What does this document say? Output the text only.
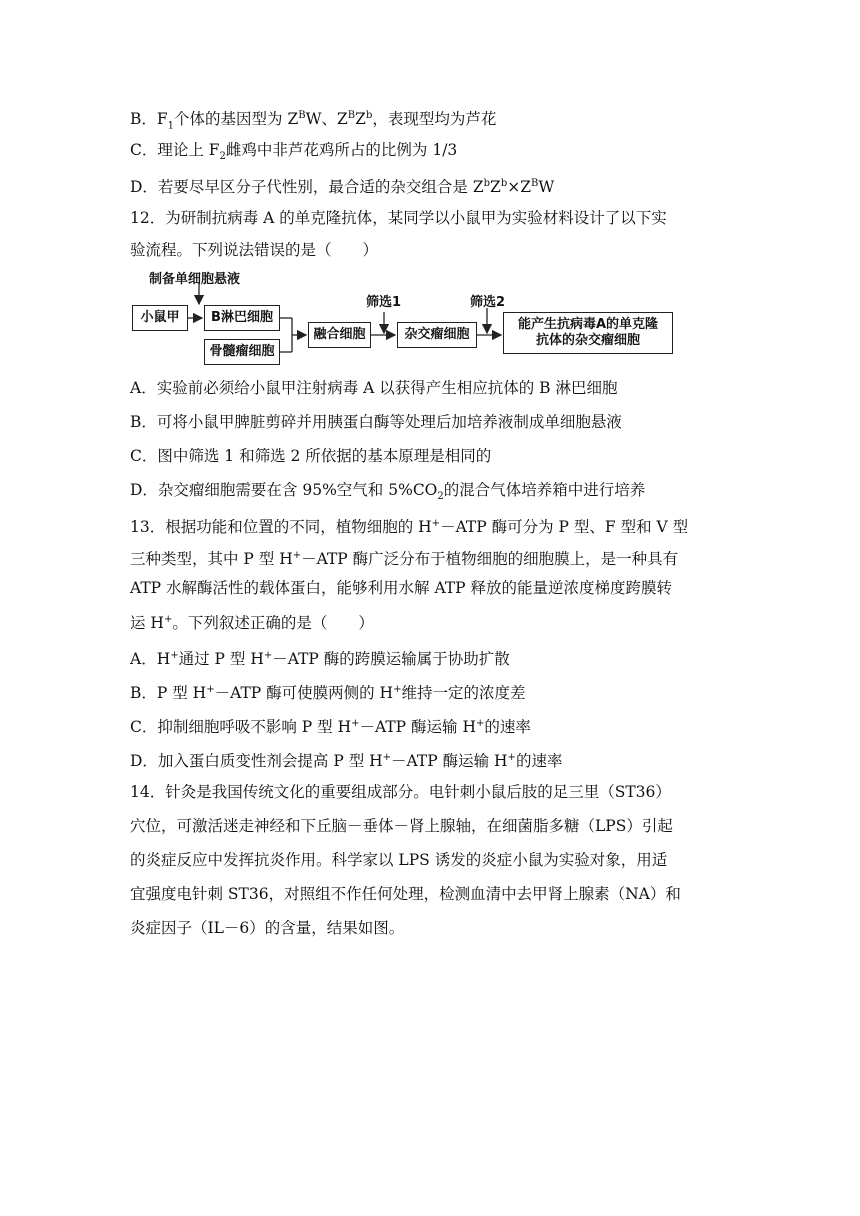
B．$F_1$个体的基因型为 $Z^BW$、$Z^BZ^b$，表现型均为芦花
C．理论上 $F_2$雌鸡中非芦花鸡所占的比例为 1/3
D．若要尽早区分子代性别，最合适的杂交组合是 $Z^bZ^b\times Z^BW$
12．为研制抗病毒 A 的单克隆抗体，某同学以小鼠甲为实验材料设计了以下实
验流程。下列说法错误的是（　　）
制备单细胞悬液
小鼠甲	B淋巴细胞
骨髓瘤细胞
融合细胞
筛选1
杂交瘤细胞
筛选2
能产生抗病毒A的单克隆
抗体的杂交瘤细胞
A．实验前必须给小鼠甲注射病毒 A 以获得产生相应抗体的 B 淋巴细胞
B．可将小鼠甲脾脏剪碎并用胰蛋白酶等处理后加培养液制成单细胞悬液
C．图中筛选 1 和筛选 2 所依据的基本原理是相同的
D．杂交瘤细胞需要在含 95%空气和 $5\%CO_2$的混合气体培养箱中进行培养
13．根据功能和位置的不同，植物细胞的 H+－ATP 酶可分为 P 型、F 型和 V 型
三种类型，其中 P 型 H+－ATP 酶广泛分布于植物细胞的细胞膜上，是一种具有
ATP 水解酶活性的载体蛋白，能够利用水解 ATP 释放的能量逆浓度梯度跨膜转
运 H+。下列叙述正确的是（　　）
A．H+通过 P 型 H+－ATP 酶的跨膜运输属于协助扩散
B．P 型 H+－ATP 酶可使膜两侧的 H+维持一定的浓度差
C．抑制细胞呼吸不影响 P 型 H+－ATP 酶运输 H+的速率
D．加入蛋白质变性剂会提高 P 型 H+－ATP 酶运输 H+的速率
14．针灸是我国传统文化的重要组成部分。电针刺小鼠后肢的足三里（ST36）
穴位，可激活迷走神经和下丘脑－垂体－肾上腺轴，在细菌脂多糖（LPS）引起
的炎症反应中发挥抗炎作用。科学家以 LPS 诱发的炎症小鼠为实验对象，用适
宜强度电针刺 ST36，对照组不作任何处理，检测血清中去甲肾上腺素（NA）和
炎症因子（IL－6）的含量，结果如图。
